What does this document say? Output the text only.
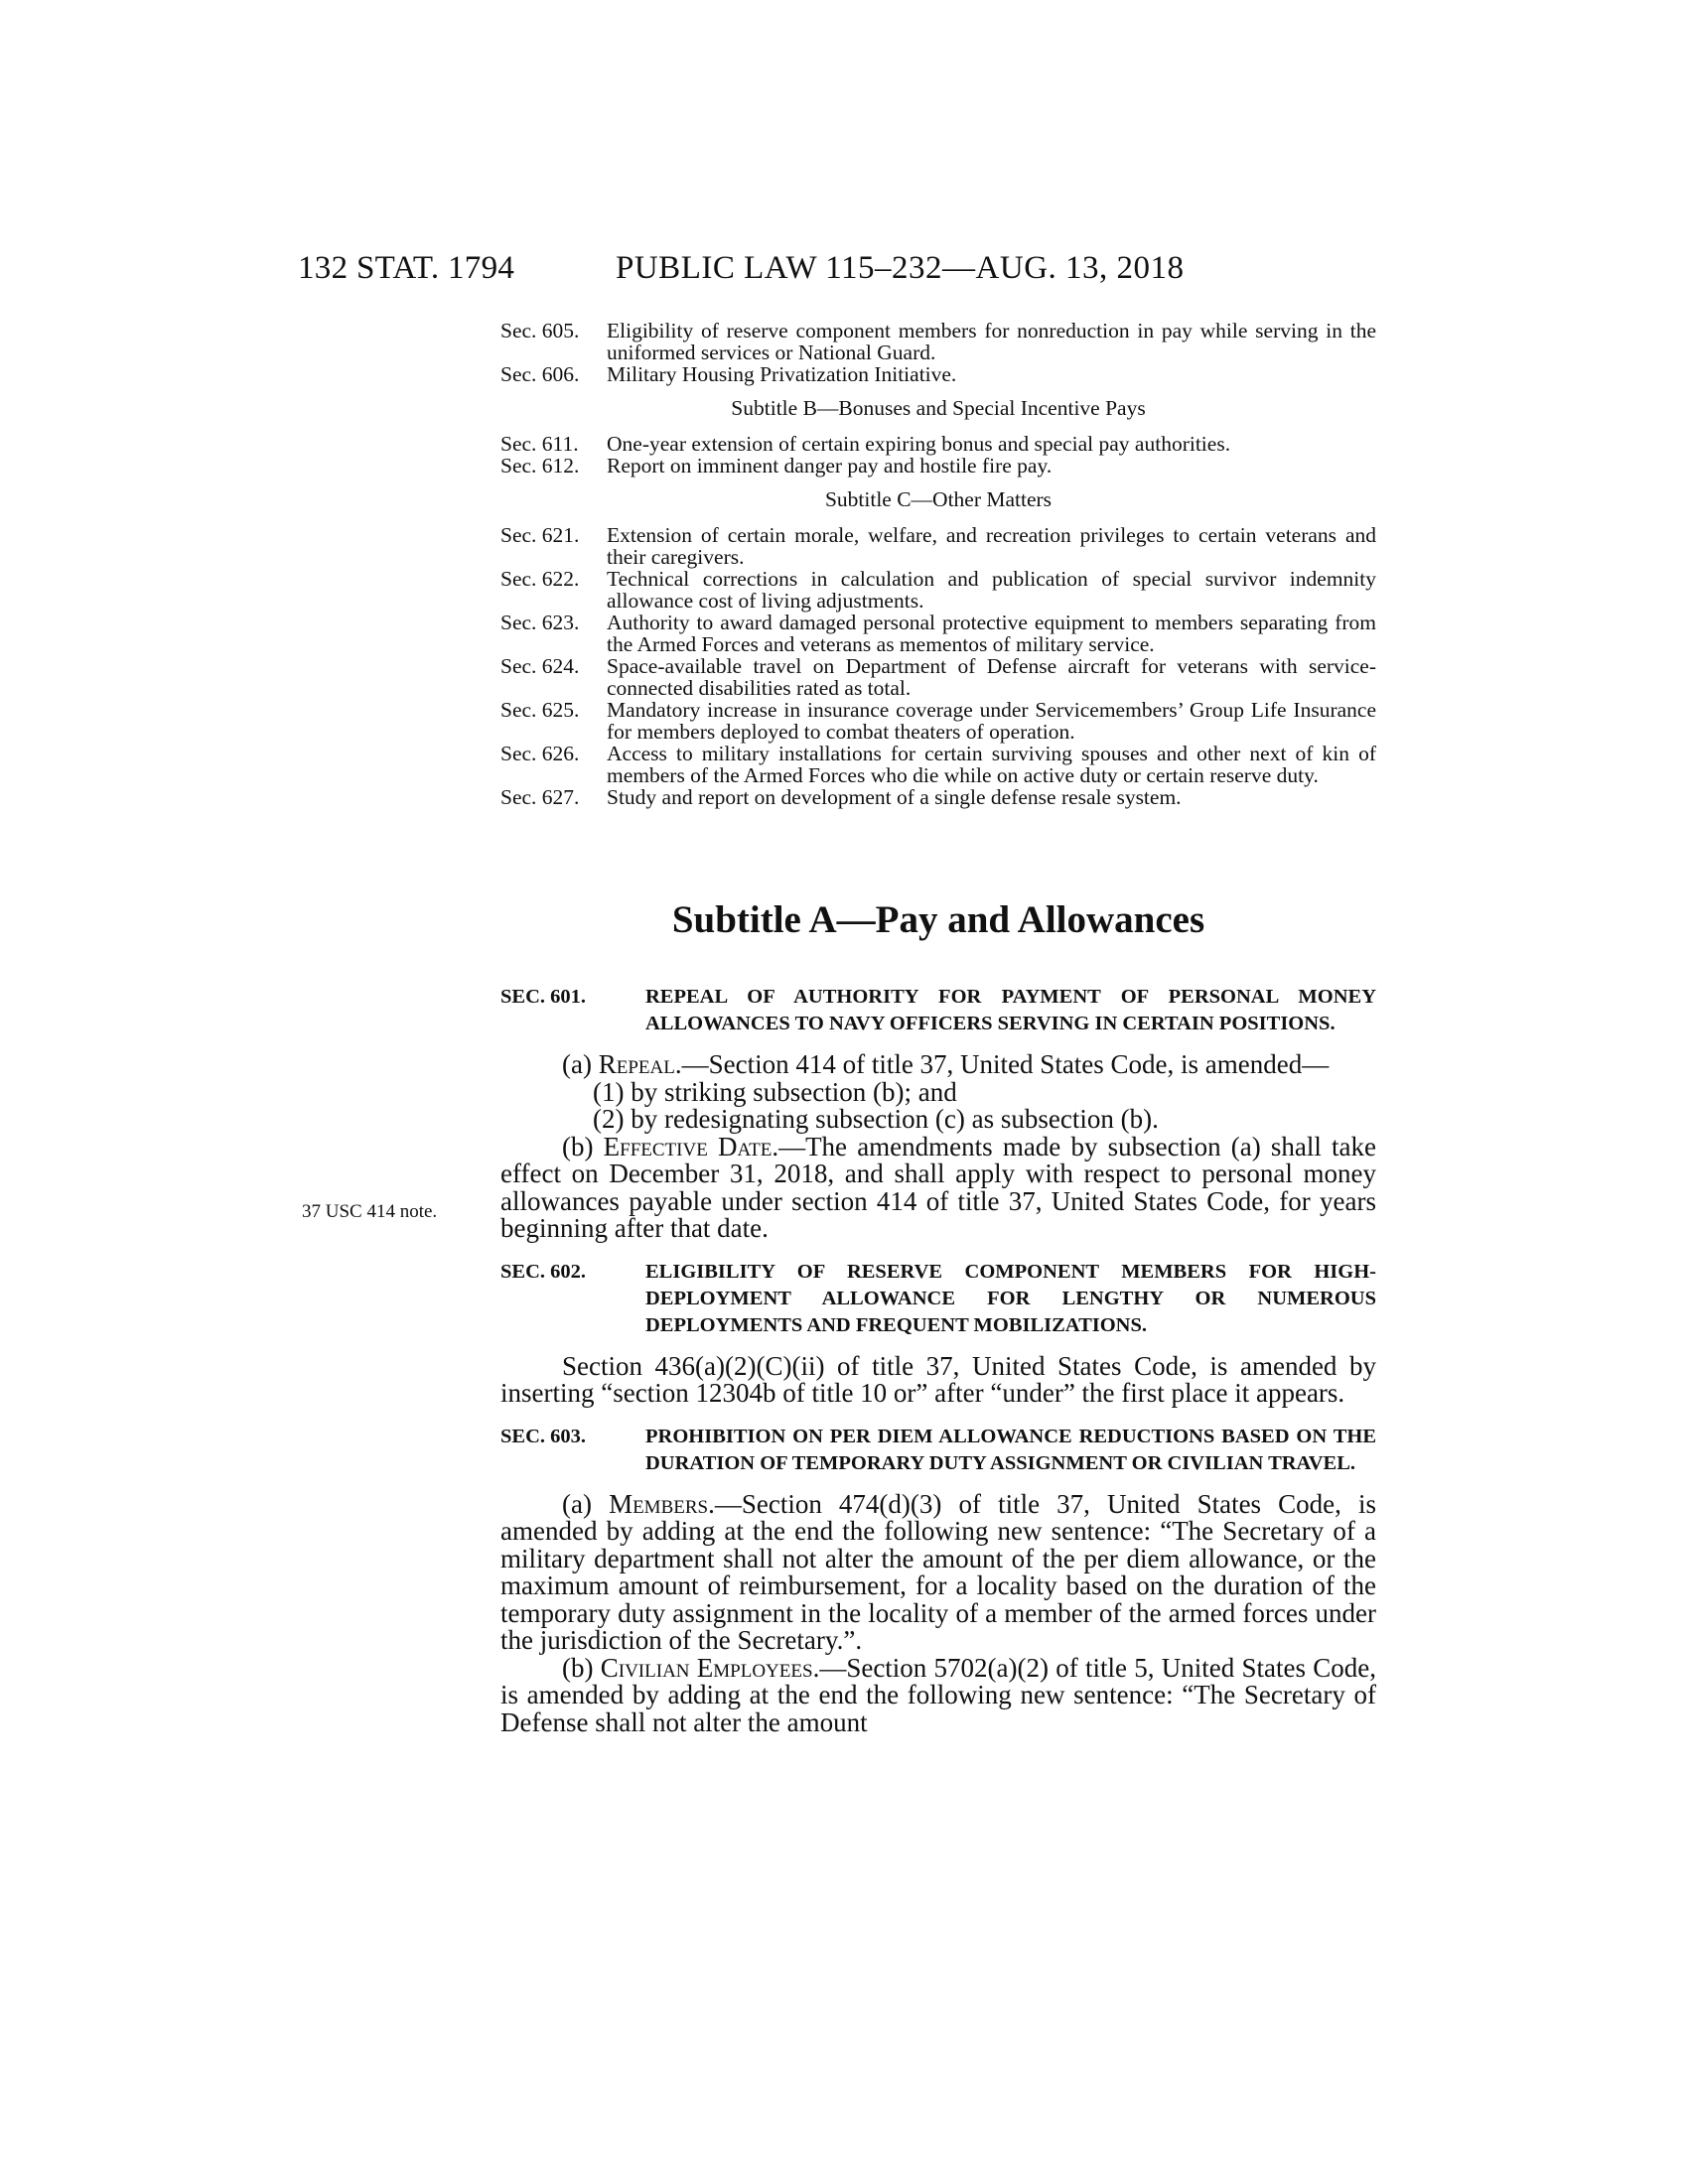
132 STAT. 1794	PUBLIC LAW 115–232—AUG. 13, 2018
Sec. 605.	Eligibility of reserve component members for nonreduction in pay while serving in the uniformed services or National Guard.
Sec. 606.	Military Housing Privatization Initiative.
Subtitle B—Bonuses and Special Incentive Pays
Sec. 611.	One-year extension of certain expiring bonus and special pay authorities.
Sec. 612.	Report on imminent danger pay and hostile fire pay.
Subtitle C—Other Matters
Sec. 621.	Extension of certain morale, welfare, and recreation privileges to certain veterans and their caregivers.
Sec. 622.	Technical corrections in calculation and publication of special survivor indemnity allowance cost of living adjustments.
Sec. 623.	Authority to award damaged personal protective equipment to members separating from the Armed Forces and veterans as mementos of military service.
Sec. 624.	Space-available travel on Department of Defense aircraft for veterans with service-connected disabilities rated as total.
Sec. 625.	Mandatory increase in insurance coverage under Servicemembers’ Group Life Insurance for members deployed to combat theaters of operation.
Sec. 626.	Access to military installations for certain surviving spouses and other next of kin of members of the Armed Forces who die while on active duty or certain reserve duty.
Sec. 627.	Study and report on development of a single defense resale system.
Subtitle A—Pay and Allowances
SEC. 601.	REPEAL OF AUTHORITY FOR PAYMENT OF PERSONAL MONEY ALLOWANCES TO NAVY OFFICERS SERVING IN CERTAIN POSITIONS.

(a) Repeal.—Section 414 of title 37, United States Code, is amended—

(1) by striking subsection (b); and

(2) by redesignating subsection (c) as subsection (b).

(b) Effective Date.—The amendments made by subsection (a) shall take effect on December 31, 2018, and shall apply with respect to personal money allowances payable under section 414 of title 37, United States Code, for years beginning after that date.

SEC. 602.	ELIGIBILITY OF RESERVE COMPONENT MEMBERS FOR HIGH-DEPLOYMENT ALLOWANCE FOR LENGTHY OR NUMEROUS DEPLOYMENTS AND FREQUENT MOBILIZATIONS.

Section 436(a)(2)(C)(ii) of title 37, United States Code, is amended by inserting “section 12304b of title 10 or” after “under” the first place it appears.

SEC. 603.	PROHIBITION ON PER DIEM ALLOWANCE REDUCTIONS BASED ON THE DURATION OF TEMPORARY DUTY ASSIGNMENT OR CIVILIAN TRAVEL.

(a) Members.—Section 474(d)(3) of title 37, United States Code, is amended by adding at the end the following new sentence: “The Secretary of a military department shall not alter the amount of the per diem allowance, or the maximum amount of reimbursement, for a locality based on the duration of the temporary duty assignment in the locality of a member of the armed forces under the jurisdiction of the Secretary.”.

(b) Civilian Employees.—Section 5702(a)(2) of title 5, United States Code, is amended by adding at the end the following new sentence: “The Secretary of Defense shall not alter the amount

37 USC 414 note.
